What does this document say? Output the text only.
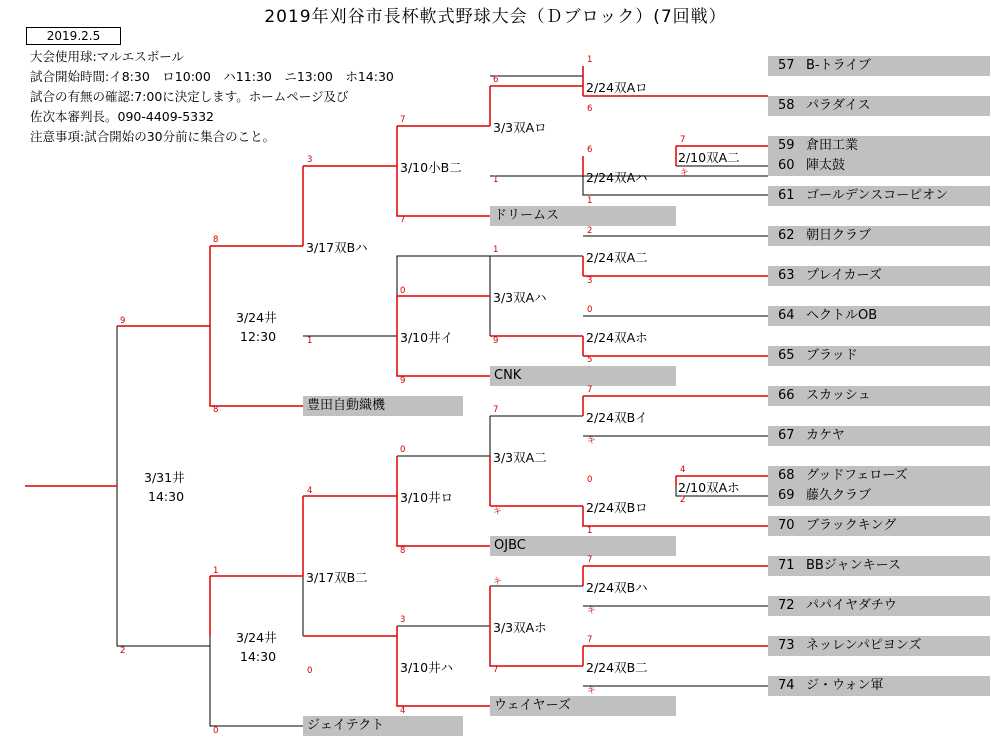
2019年刈谷市長杯軟式野球大会（Ｄブロック）(7回戦）
2019.2.5
大会使用球:マルエスボール
試合開始時間:イ8:30　ロ10:00　ハ11:30　ニ13:00　ホ14:30
試合の有無の確認:7:00に決定します。ホームページ及び
佐次本審判長。090-4409-5332
注意事項:試合開始の30分前に集合のこと。
57 B-トライブ
58 パラダイス
59 倉田工業
60 陣太鼓
61 ゴールデンスコーピオン
62 朝日クラブ
63 プレイカーズ
64 ヘクトルOB
65 ブラッド
66 スカッシュ
67 カケヤ
68 グッドフェローズ
69 藤久クラブ
70 ブラックキング
71 BBジャンキース
72 パパイヤダチウ
73 ネッレンパピヨンズ
74 ジ・ウォン軍
ドリームス
CNK
豊田自動織機
OJBC
ウェイヤーズ
ジェイテクト
2/10双A二
2/10双Aホ
2/24双Aロ
2/24双Aハ
2/24双A二
2/24双Aホ
2/24双Bイ
2/24双Bロ
2/24双Bハ
2/24双B二
3/3双Aロ
3/3双Aハ
3/3双A二
3/3双Aホ
3/10小B二
3/10井イ
3/10井ロ
3/10井ハ
3/17双Bハ
3/17双B二
3/24井
12:30
3/24井
14:30
3/31井
14:30
1
6
7
キ
6
1
2
3
0
5
7
キ
4
2
0
1
7
キ
7
キ
6
1
1
9
7
キ
キ
7
3
7
9
7
8
4
0
8
3
1
4
0
0
9
8
1
2
0
